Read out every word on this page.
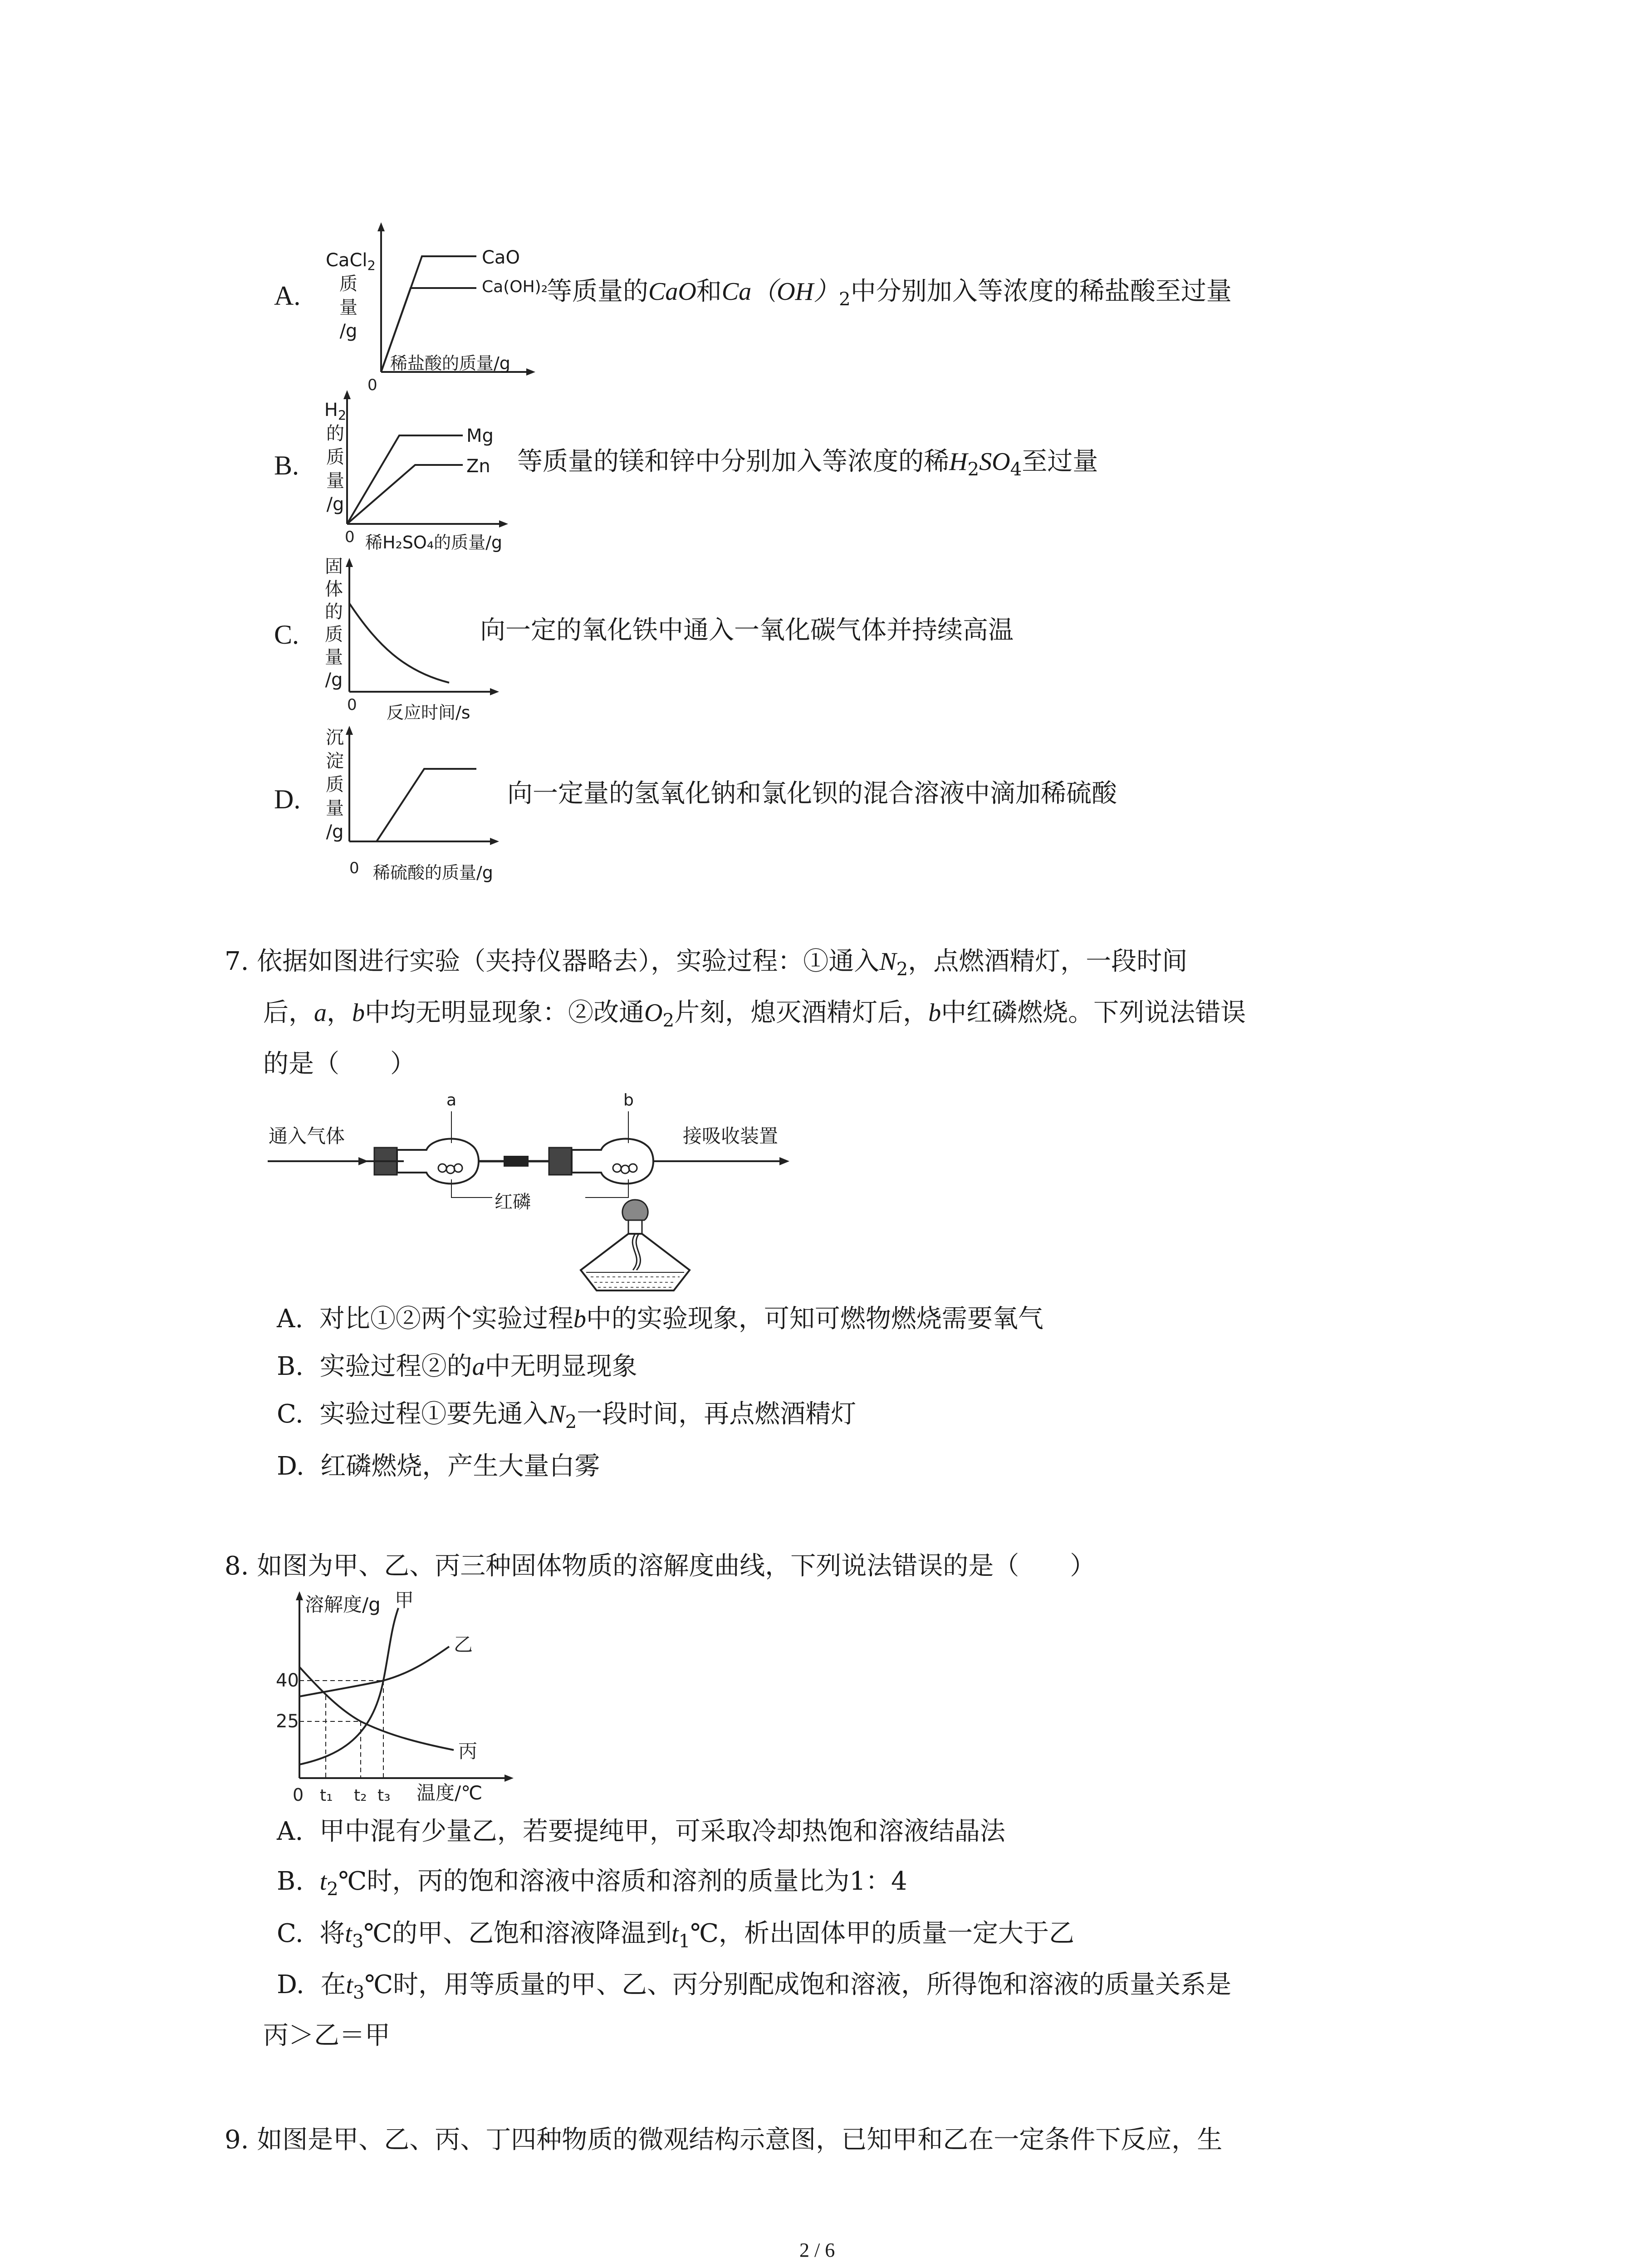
A.
0
CaCl$_2$
质
量
/g
CaO
Ca(OH)₂
稀盐酸的质量/g
等质量的CaO和$Ca(OH)_2$中分别加入等浓度的稀盐酸至过量
B.
0
$H_2$
的
质
量
/g
Mg
Zn
稀H₂SO₄的质量/g
等质量的镁和锌中分别加入等浓度的稀$H_2SO_4$至过量
C.
0
固
体
的
质
量
/g
反应时间/s
向一定的氧化铁中通入一氧化碳气体并持续高温
D.
0
沉
淀
质
量
/g
稀硫酸的质量/g
向一定量的氢氧化钠和氯化钡的混合溶液中滴加稀硫酸
7. 依据如图进行实验（夹持仪器略去），实验过程：①通入$N_2$，点燃酒精灯，一段时间
后，a，b中均无明显现象：②改通$O_2$片刻，熄灭酒精灯后，b中红磷燃烧。下列说法错误
的是（　　）
通入气体	接吸收装置
a	b
红磷
A. 对比①②两个实验过程b中的实验现象，可知可燃物燃烧需要氧气
B. 实验过程②的a中无明显现象
C. 实验过程①要先通入$N_2$一段时间，再点燃酒精灯
D. 红磷燃烧，产生大量白雾
8. 如图为甲、乙、丙三种固体物质的溶解度曲线，下列说法错误的是（　　）
40
25
0 t₁ t₂ t₃
甲
乙
丙
溶解度/g
温度/℃
A. 甲中混有少量乙，若要提纯甲，可采取冷却热饱和溶液结晶法
B. $t_2℃$时，丙的饱和溶液中溶质和溶剂的质量比为1：4
C. 将$t_3℃$的甲、乙饱和溶液降温到$t_1℃$，析出固体甲的质量一定大于乙
D. 在$t_3℃$时，用等质量的甲、乙、丙分别配成饱和溶液，所得饱和溶液的质量关系是
丙＞乙＝甲
9. 如图是甲、乙、丙、丁四种物质的微观结构示意图，已知甲和乙在一定条件下反应，生
2 / 6
